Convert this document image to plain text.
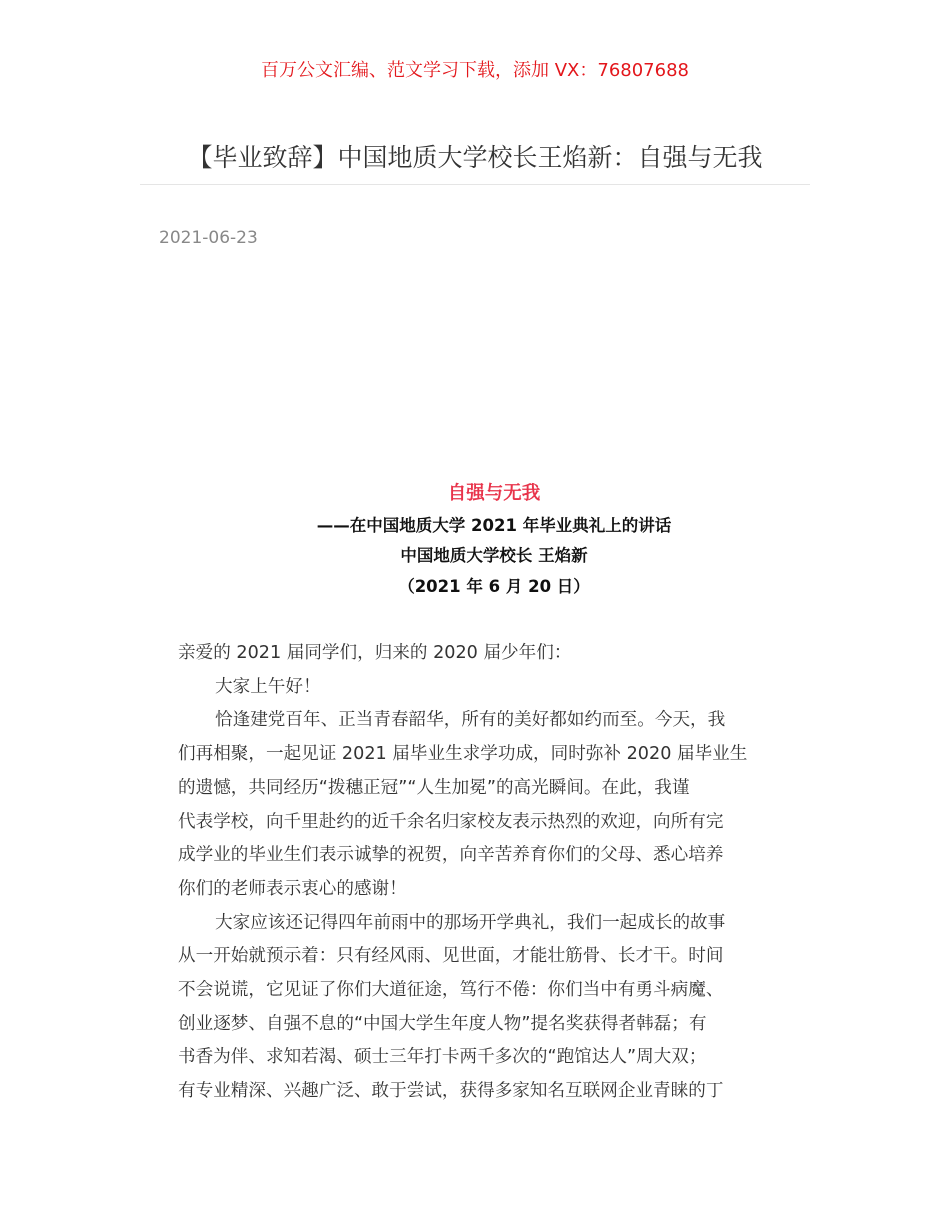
百万公文汇编、范文学习下载，添加 VX：76807688
【毕业致辞】中国地质大学校长王焰新：自强与无我
2021-06-23
自强与无我
——在中国地质大学 2021 年毕业典礼上的讲话
中国地质大学校长 王焰新
（2021 年 6 月 20 日）
亲爱的 2021 届同学们，归来的 2020 届少年们：
大家上午好！
恰逢建党百年、正当青春韶华，所有的美好都如约而至。今天，我
们再相聚，一起见证 2021 届毕业生求学功成，同时弥补 2020 届毕业生
的遗憾，共同经历“拨穗正冠”“人生加冕”的高光瞬间。在此，我谨
代表学校，向千里赴约的近千余名归家校友表示热烈的欢迎，向所有完
成学业的毕业生们表示诚挚的祝贺，向辛苦养育你们的父母、悉心培养
你们的老师表示衷心的感谢！
大家应该还记得四年前雨中的那场开学典礼，我们一起成长的故事
从一开始就预示着：只有经风雨、见世面，才能壮筋骨、长才干。时间
不会说谎，它见证了你们大道征途，笃行不倦：你们当中有勇斗病魔、
创业逐梦、自强不息的“中国大学生年度人物”提名奖获得者韩磊；有
书香为伴、求知若渴、硕士三年打卡两千多次的“跑馆达人”周大双；
有专业精深、兴趣广泛、敢于尝试，获得多家知名互联网企业青睐的丁
